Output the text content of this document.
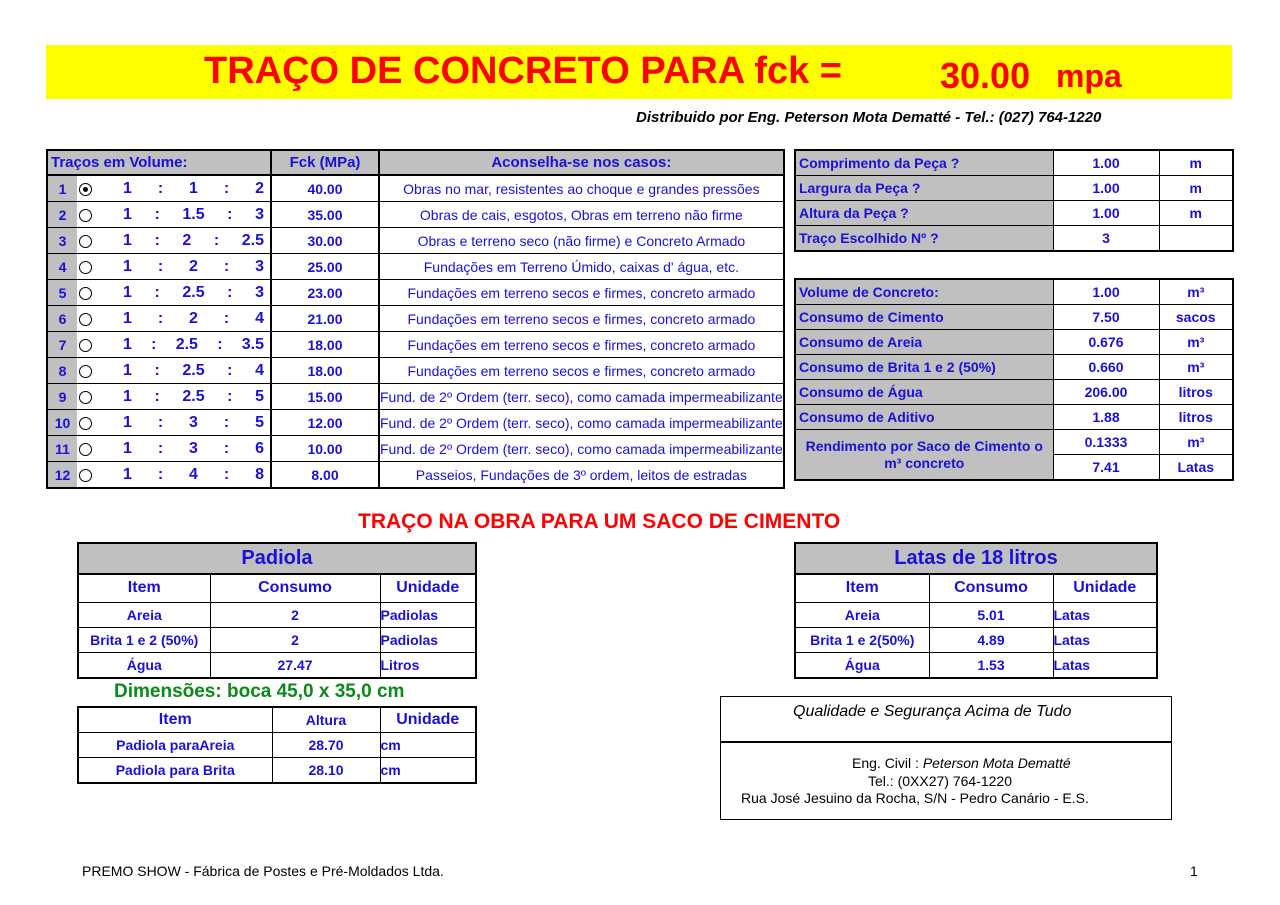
TRAÇO DE CONCRETO PARA fck =	30.00 mpa
Distribuido por Eng. Peterson Mota Dematté - Tel.: (027) 764-1220
Traços em Volume:			Fck (MPa)	Aconselha-se nos casos:
1		1 : 1 : 2	40.00	Obras no mar, resistentes ao choque e grandes pressões
2		1 : 1.5 : 3	35.00	Obras de cais, esgotos, Obras em terreno não firme
3		1 : 2 : 2.5	30.00	Obras e terreno seco (não firme) e Concreto Armado
4		1 : 2 : 3	25.00	Fundações em Terreno Úmido, caixas d' água, etc.
5		1 : 2.5 : 3	23.00	Fundações em terreno secos e firmes, concreto armado
6		1 : 2 : 4	21.00	Fundações em terreno secos e firmes, concreto armado
7		1 : 2.5 : 3.5	18.00	Fundações em terreno secos e firmes, concreto armado
8		1 : 2.5 : 4	18.00	Fundações em terreno secos e firmes, concreto armado
9		1 : 2.5 : 5	15.00	Fund. de 2º Ordem (terr. seco), como camada impermeabilizante
10		1 : 3 : 5	12.00	Fund. de 2º Ordem (terr. seco), como camada impermeabilizante
11		1 : 3 : 6	10.00	Fund. de 2º Ordem (terr. seco), como camada impermeabilizante
12		1 : 4 : 8	8.00	Passeios, Fundações de 3º ordem, leitos de estradas
Comprimento da Peça ?	1.00	m
Largura da Peça ?	1.00	m
Altura da Peça ?	1.00	m
Traço Escolhido Nº ?	3	
Volume de Concreto:	1.00	m³
Consumo de Cimento	7.50	sacos
Consumo de Areia	0.676	m³
Consumo de Brita 1 e 2 (50%)	0.660	m³
Consumo de Água	206.00	litros
Consumo de Aditivo	1.88	litros
Rendimento por Saco de Cimento o m³ concreto	0.1333	m³
	7.41	Latas
TRAÇO NA OBRA PARA UM SACO DE CIMENTO
Padiola		
Item	Consumo	Unidade
Areia	2	Padiolas
Brita 1 e 2 (50%)	2	Padiolas
Água	27.47	Litros
Latas de 18 litros		
Item	Consumo	Unidade
Areia	5.01	Latas
Brita 1 e 2(50%)	4.89	Latas
Água	1.53	Latas
Dimensões: boca 45,0 x 35,0 cm
Item	Altura	Unidade
Padiola paraAreia	28.70	cm
Padiola para Brita	28.10	cm
Qualidade e Segurança Acima de Tudo
Eng. Civil : Peterson Mota Dematté
Tel.: (0XX27) 764-1220
Rua José Jesuino da Rocha, S/N - Pedro Canário - E.S.
PREMO SHOW - Fábrica de Postes e Pré-Moldados Ltda.	1
